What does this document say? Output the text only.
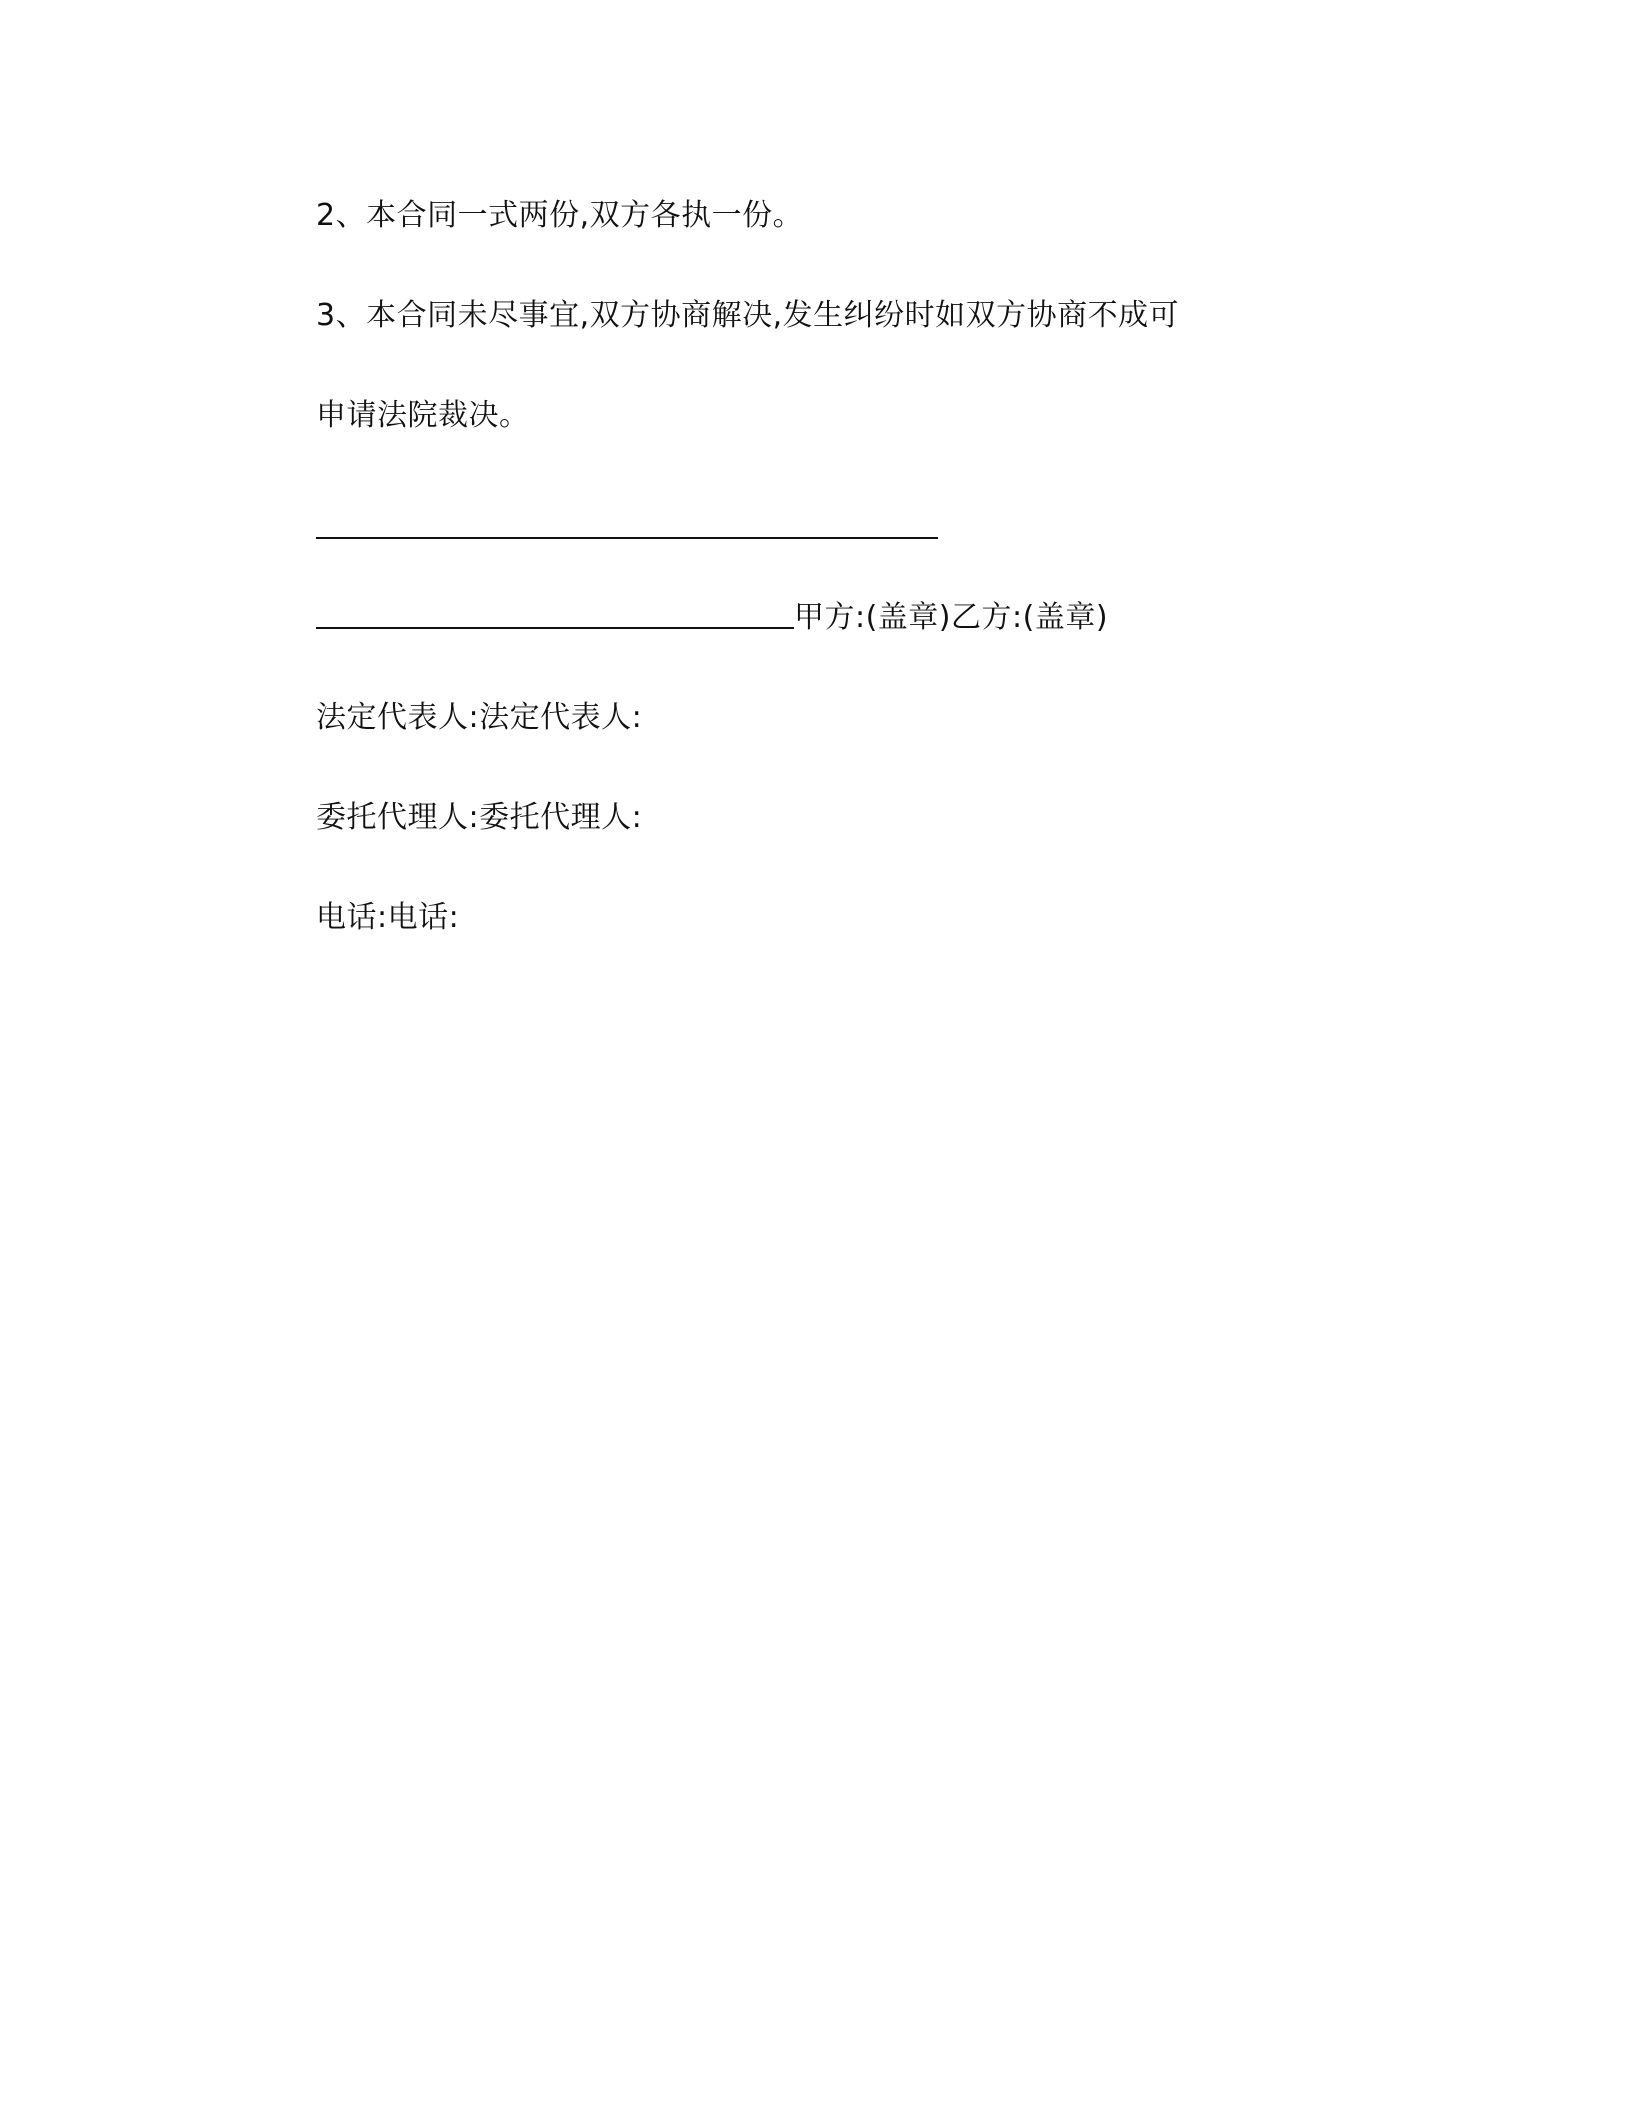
2、本合同一式两份,双方各执一份。
3、本合同未尽事宜,双方协商解决,发生纠纷时如双方协商不成可
申请法院裁决。
甲方:(盖章)乙方:(盖章)
法定代表人:法定代表人:
委托代理人:委托代理人:
电话:电话:
